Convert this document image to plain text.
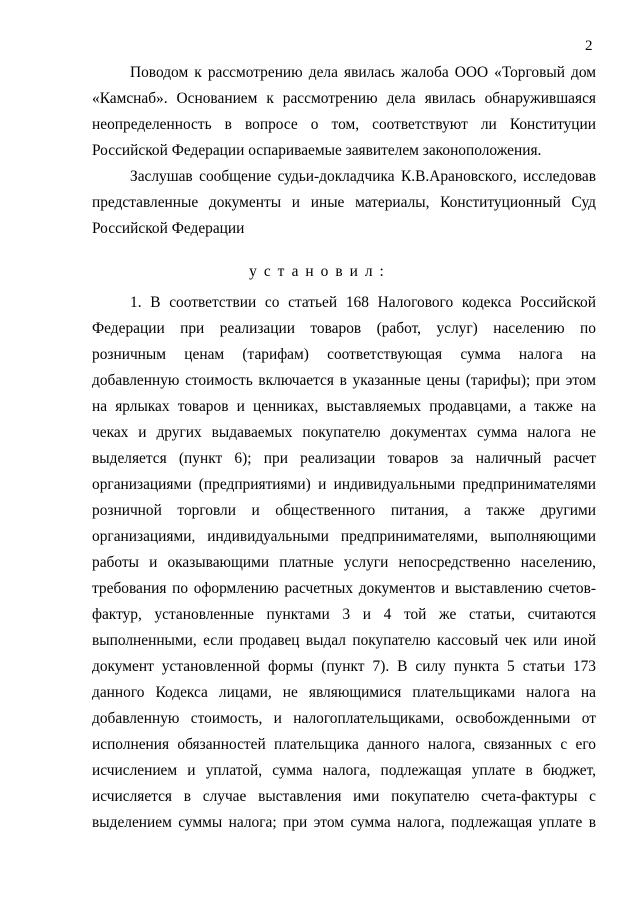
2
Поводом к рассмотрению дела явилась жалоба ООО «Торговый дом
«Камснаб». Основанием к рассмотрению дела явилась обнаружившаяся
неопределенность в вопросе о том, соответствуют ли Конституции
Российской Федерации оспариваемые заявителем законоположения.
Заслушав сообщение судьи-докладчика К.В.Арановского, исследовав
представленные документы и иные материалы, Конституционный Суд
Российской Федерации
установил:
1. В соответствии со статьей 168 Налогового кодекса Российской
Федерации при реализации товаров (работ, услуг) населению по
розничным ценам (тарифам) соответствующая сумма налога на
добавленную стоимость включается в указанные цены (тарифы); при этом
на ярлыках товаров и ценниках, выставляемых продавцами, а также на
чеках и других выдаваемых покупателю документах сумма налога не
выделяется (пункт 6); при реализации товаров за наличный расчет
организациями (предприятиями) и индивидуальными предпринимателями
розничной торговли и общественного питания, а также другими
организациями, индивидуальными предпринимателями, выполняющими
работы и оказывающими платные услуги непосредственно населению,
требования по оформлению расчетных документов и выставлению счетов-
фактур, установленные пунктами 3 и 4 той же статьи, считаются
выполненными, если продавец выдал покупателю кассовый чек или иной
документ установленной формы (пункт 7). В силу пункта 5 статьи 173
данного Кодекса лицами, не являющимися плательщиками налога на
добавленную стоимость, и налогоплательщиками, освобожденными от
исполнения обязанностей плательщика данного налога, связанных с его
исчислением и уплатой, сумма налога, подлежащая уплате в бюджет,
исчисляется в случае выставления ими покупателю счета-фактуры с
выделением суммы налога; при этом сумма налога, подлежащая уплате в
